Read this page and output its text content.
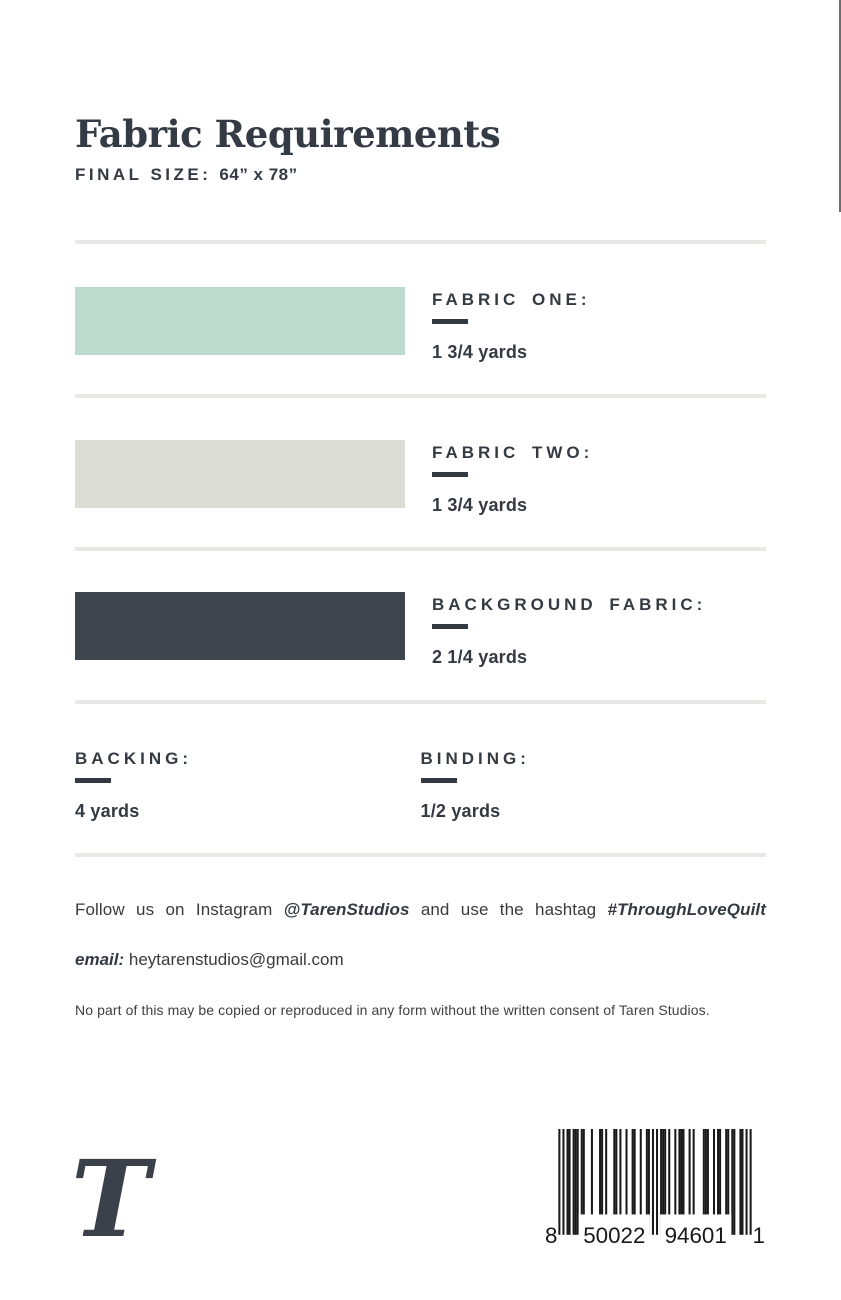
Fabric Requirements
FINAL SIZE: 64” x 78”
FABRIC ONE:
1 3/4 yards
FABRIC TWO:
1 3/4 yards
BACKGROUND FABRIC:
2 1/4 yards
BACKING:
4 yards
BINDING:
1/2 yards

Follow us on Instagram @TarenStudios and use the hashtag #ThroughLoveQuilt

email: heytarenstudios@gmail.com

No part of this may be copied or reproduced in any form without the written consent of Taren Studios.

T	8 50022 94601 1
